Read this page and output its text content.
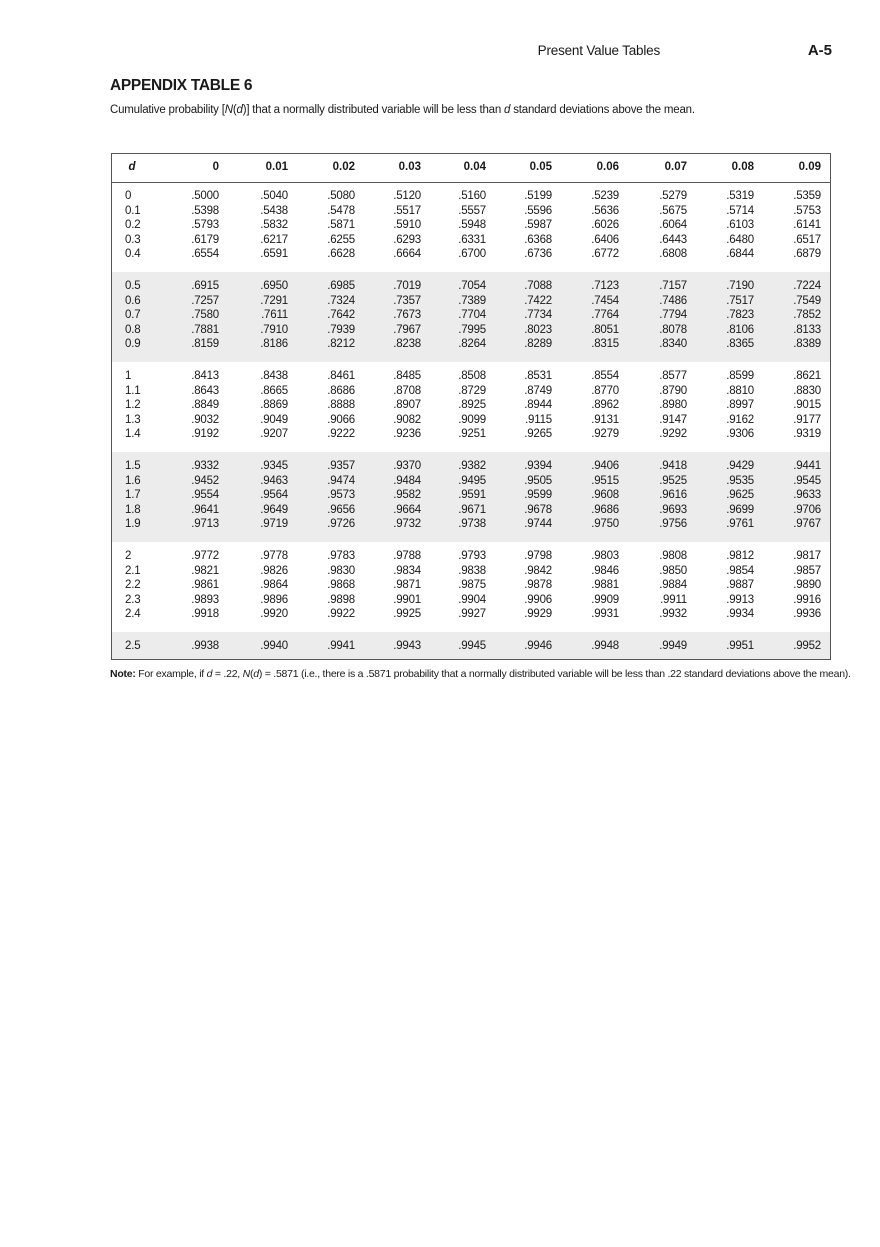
Present Value Tables	A-5
APPENDIX TABLE 6
Cumulative probability [N(d)] that a normally distributed variable will be less than d standard deviations above the mean.
d	0	0.01	0.02	0.03	0.04	0.05	0.06	0.07	0.08	0.09
0	.5000	.5040	.5080	.5120	.5160	.5199	.5239	.5279	.5319	.5359
0.1	.5398	.5438	.5478	.5517	.5557	.5596	.5636	.5675	.5714	.5753
0.2	.5793	.5832	.5871	.5910	.5948	.5987	.6026	.6064	.6103	.6141
0.3	.6179	.6217	.6255	.6293	.6331	.6368	.6406	.6443	.6480	.6517
0.4	.6554	.6591	.6628	.6664	.6700	.6736	.6772	.6808	.6844	.6879
0.5	.6915	.6950	.6985	.7019	.7054	.7088	.7123	.7157	.7190	.7224
0.6	.7257	.7291	.7324	.7357	.7389	.7422	.7454	.7486	.7517	.7549
0.7	.7580	.7611	.7642	.7673	.7704	.7734	.7764	.7794	.7823	.7852
0.8	.7881	.7910	.7939	.7967	.7995	.8023	.8051	.8078	.8106	.8133
0.9	.8159	.8186	.8212	.8238	.8264	.8289	.8315	.8340	.8365	.8389
1	.8413	.8438	.8461	.8485	.8508	.8531	.8554	.8577	.8599	.8621
1.1	.8643	.8665	.8686	.8708	.8729	.8749	.8770	.8790	.8810	.8830
1.2	.8849	.8869	.8888	.8907	.8925	.8944	.8962	.8980	.8997	.9015
1.3	.9032	.9049	.9066	.9082	.9099	.9115	.9131	.9147	.9162	.9177
1.4	.9192	.9207	.9222	.9236	.9251	.9265	.9279	.9292	.9306	.9319
1.5	.9332	.9345	.9357	.9370	.9382	.9394	.9406	.9418	.9429	.9441
1.6	.9452	.9463	.9474	.9484	.9495	.9505	.9515	.9525	.9535	.9545
1.7	.9554	.9564	.9573	.9582	.9591	.9599	.9608	.9616	.9625	.9633
1.8	.9641	.9649	.9656	.9664	.9671	.9678	.9686	.9693	.9699	.9706
1.9	.9713	.9719	.9726	.9732	.9738	.9744	.9750	.9756	.9761	.9767
2	.9772	.9778	.9783	.9788	.9793	.9798	.9803	.9808	.9812	.9817
2.1	.9821	.9826	.9830	.9834	.9838	.9842	.9846	.9850	.9854	.9857
2.2	.9861	.9864	.9868	.9871	.9875	.9878	.9881	.9884	.9887	.9890
2.3	.9893	.9896	.9898	.9901	.9904	.9906	.9909	.9911	.9913	.9916
2.4	.9918	.9920	.9922	.9925	.9927	.9929	.9931	.9932	.9934	.9936
2.5	.9938	.9940	.9941	.9943	.9945	.9946	.9948	.9949	.9951	.9952
Note: For example, if d = .22, N(d) = .5871 (i.e., there is a .5871 probability that a normally distributed variable will be less than .22 standard deviations above the mean).
